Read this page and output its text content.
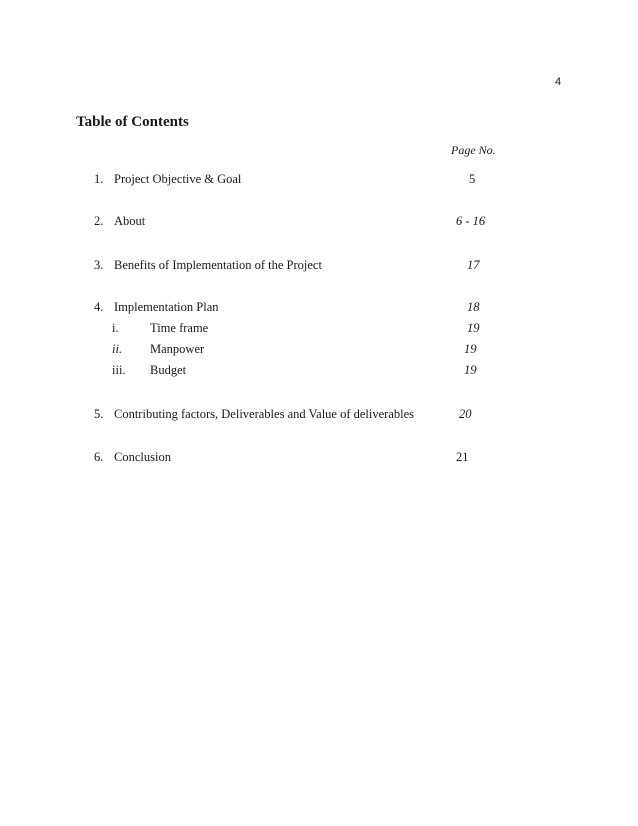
4
Table of Contents
Page No.
1. Project Objective & Goal	5
2. About	6 - 16
3. Benefits of Implementation of the Project	17
4. Implementation Plan	18
i.	Time frame	19
ii. Manpower	19
iii. Budget	19
5. Contributing factors, Deliverables and Value of deliverables	20
6. Conclusion	21
